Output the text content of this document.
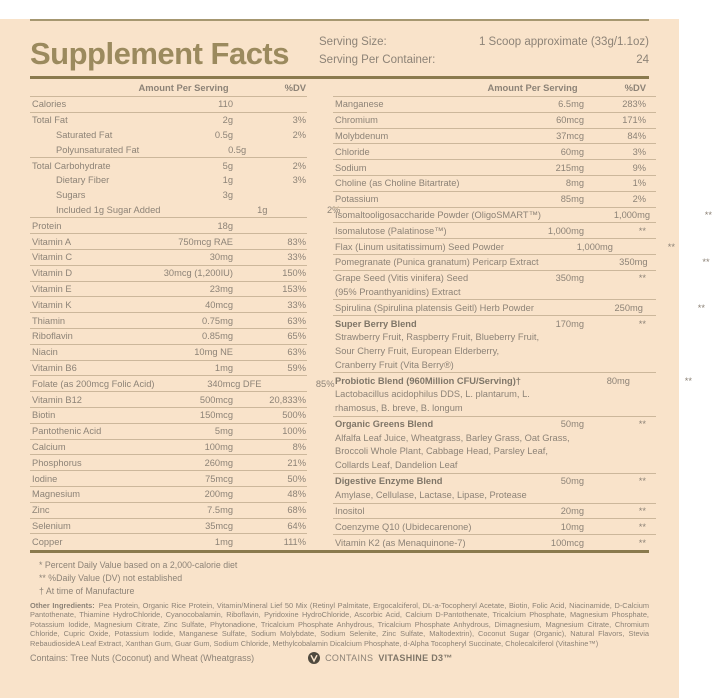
Supplement Facts	Serving Size:	1 Scoop approximate (33g/1.1oz)
Serving Per Container:	24
Amount Per Serving	%DV
Calories	110
Total Fat	2g	3%
Saturated Fat	0.5g	2%
Polyunsaturated Fat	0.5g
Total Carbohydrate	5g	2%
Dietary Fiber	1g	3%
Sugars	3g
Included 1g Sugar Added	1g	2%
Protein	18g
Vitamin A	750mcg RAE	83%
Vitamin C	30mg	33%
Vitamin D	30mcg (1,200IU)	150%
Vitamin E	23mg	153%
Vitamin K	40mcg	33%
Thiamin	0.75mg	63%
Riboflavin	0.85mg	65%
Niacin	10mg NE	63%
Vitamin B6	1mg	59%
Folate (as 200mcg Folic Acid)	340mcg DFE	85%
Vitamin B12	500mcg	20,833%
Biotin	150mcg	500%
Pantothenic Acid	5mg	100%
Calcium	100mg	8%
Phosphorus	260mg	21%
Iodine	75mcg	50%
Magnesium	200mg	48%
Zinc	7.5mg	68%
Selenium	35mcg	64%
Copper	1mg	111%
Amount Per Serving	%DV
Manganese	6.5mg	283%
Chromium	60mcg	171%
Molybdenum	37mcg	84%
Chloride	60mg	3%
Sodium	215mg	9%
Choline (as Choline Bitartrate)	8mg	1%
Potassium	85mg	2%
Isomaltooligosaccharide Powder (OligoSMART™)	1,000mg	**
Isomalutose (Palatinose™)	1,000mg	**
Flax (Linum usitatissimum) Seed Powder	1,000mg	**
Pomegranate (Punica granatum) Pericarp Extract	350mg	**
Grape Seed (Vitis vinifera) Seed	350mg	**
(95% Proanthyanidins) Extract
Spirulina (Spirulina platensis Geitl) Herb Powder	250mg	**
Super Berry Blend	170mg	**
Strawberry Fruit, Raspberry Fruit, Blueberry Fruit,
Sour Cherry Fruit, European Elderberry,
Cranberry Fruit (Vita Berry®)
Probiotic Blend (960Million CFU/Serving)†	80mg	**
Lactobacillus acidophilus DDS, L. plantarum, L.
rhamosus, B. breve, B. longum
Organic Greens Blend	50mg	**
Alfalfa Leaf Juice, Wheatgrass, Barley Grass, Oat Grass,
Broccoli Whole Plant, Cabbage Head, Parsley Leaf,
Collards Leaf, Dandelion Leaf
Digestive Enzyme Blend	50mg	**
Amylase, Cellulase, Lactase, Lipase, Protease
Inositol	20mg	**
Coenzyme Q10 (Ubidecarenone)	10mg	**
Vitamin K2 (as Menaquinone-7)	100mcg	**
* Percent Daily Value based on a 2,000-calorie diet
** %Daily Value (DV) not established
† At time of Manufacture
Other Ingredients: Pea Protein, Organic Rice Protein, Vitamin/Mineral Lief 50 Mix (Retinyl Palmitate, Ergocalciferol, DL-a-Tocopheryl Acetate, Biotin, Folic Acid, Niacinamide, D-Calcium Pantothenate, Thiamine HydroChloride, Cyanocobalamin, Riboflavin, Pyridoxine HydroChloride, Ascorbic Acid, Calcium D-Pantothenate, Tricalcium Phosphate, Magnesium Phosphate, Potassium Iodide, Magnesium Citrate, Zinc Sulfate, Phytonadione, Tricalcium Phosphate Anhydrous, Tricalcium Phosphate Anhydrous, Dimagnesium, Magnesium Citrate, Chromium Chloride, Cupric Oxide, Potassium Iodide, Manganese Sulfate, Sodium Molybdate, Sodium Selenite, Zinc Sulfate, Maltodextrin), Coconut Sugar (Organic), Natural Flavors, Stevia RebaudiosideA Leaf Extract, Xanthan Gum, Guar Gum, Sodium Chloride, Methylcobalamin Dicalcium Phosphate, d-Alpha Tocopheryl Succinate, Cholecalciferol (Vitashine™)
Contains: Tree Nuts (Coconut) and Wheat (Wheatgrass)	CONTAINS VITASHINE D3™
